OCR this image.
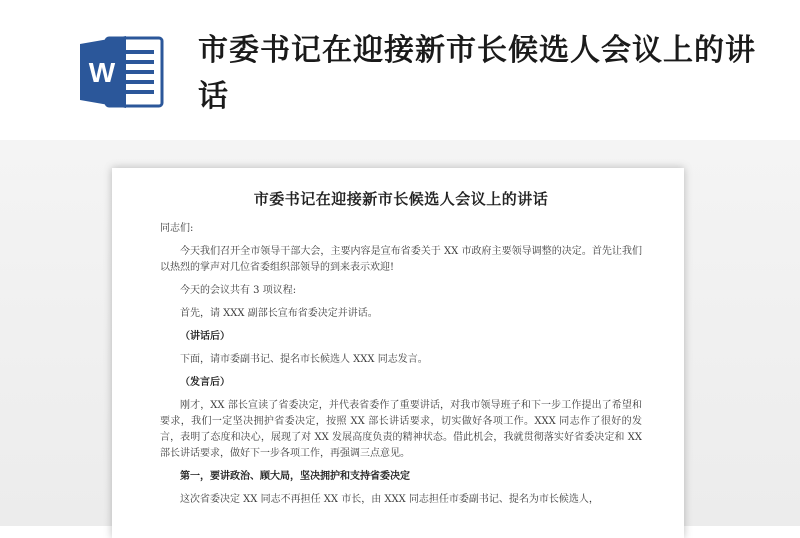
W
市委书记在迎接新市长候选人会议上的讲话
市委书记在迎接新市长候选人会议上的讲话

同志们:

今天我们召开全市领导干部大会，主要内容是宣布省委关于 XX 市政府主要领导调整的决定。首先让我们以热烈的掌声对几位省委组织部领导的到来表示欢迎!

今天的会议共有 3 项议程:

首先，请 XXX 副部长宣布省委决定并讲话。

（讲话后）

下面，请市委副书记、提名市长候选人 XXX 同志发言。

（发言后）

刚才，XX 部长宣读了省委决定，并代表省委作了重要讲话，对我市领导班子和下一步工作提出了希望和要求，我们一定坚决拥护省委决定，按照 XX 部长讲话要求，切实做好各项工作。XXX 同志作了很好的发言，表明了态度和决心，展现了对 XX 发展高度负责的精神状态。借此机会，我就贯彻落实好省委决定和 XX 部长讲话要求，做好下一步各项工作，再强调三点意见。

第一，要讲政治、顾大局，坚决拥护和支持省委决定

这次省委决定 XX 同志不再担任 XX 市长，由 XXX 同志担任市委副书记、提名为市长候选人，
